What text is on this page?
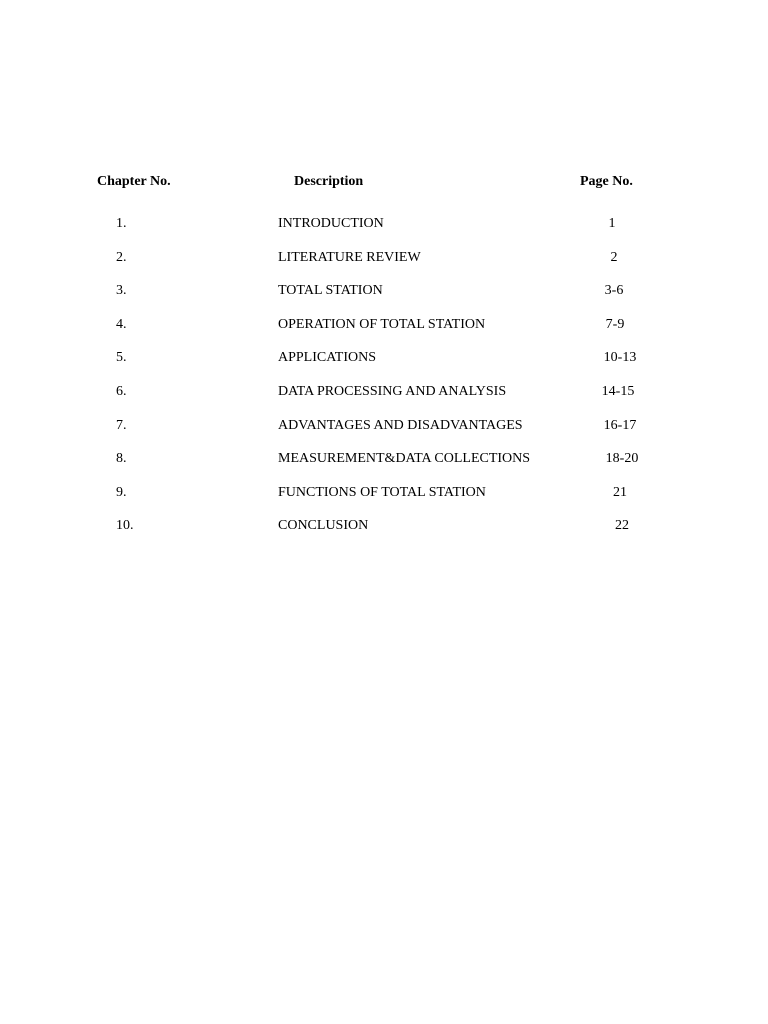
Chapter No.	Description	Page No.
1.	INTRODUCTION	1
2.	LITERATURE REVIEW	2
3.	TOTAL STATION	3-6
4.	OPERATION OF TOTAL STATION	7-9
5.	APPLICATIONS	10-13
6.	DATA PROCESSING AND ANALYSIS	14-15
7.	ADVANTAGES AND DISADVANTAGES	16-17
8.	MEASUREMENT&DATA COLLECTIONS	18-20
9.	FUNCTIONS OF TOTAL STATION	21
10.	CONCLUSION	22
